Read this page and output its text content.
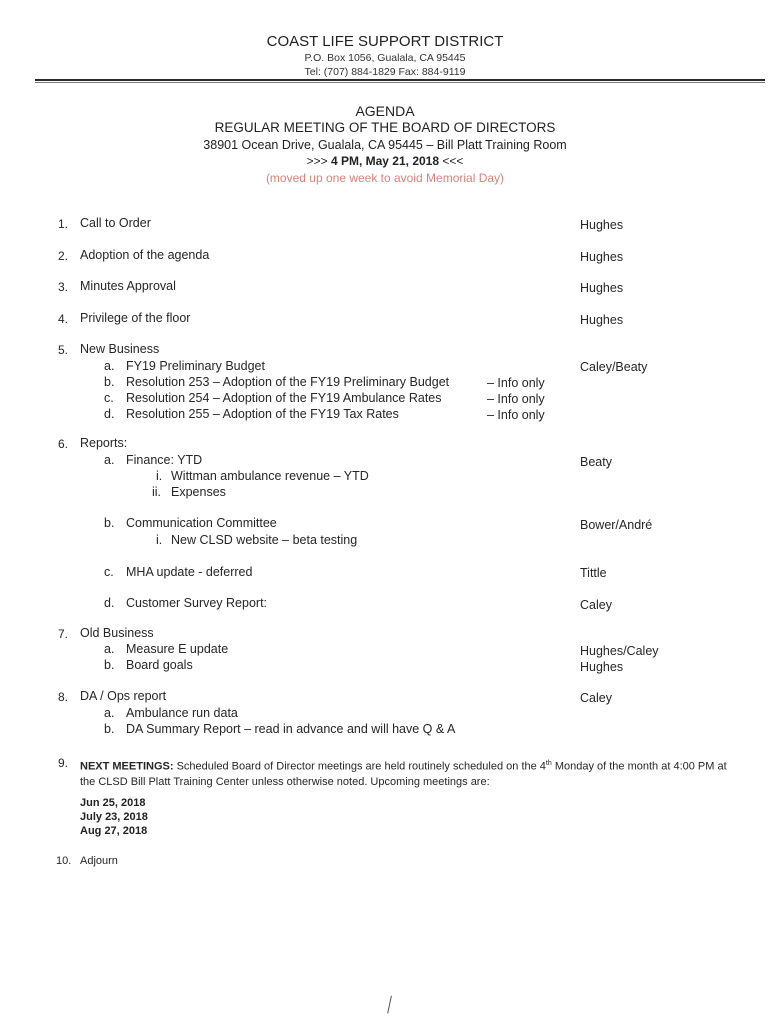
COAST LIFE SUPPORT DISTRICT
P.O. Box 1056, Gualala, CA 95445
Tel: (707) 884-1829 Fax: 884-9119
AGENDA
REGULAR MEETING OF THE BOARD OF DIRECTORS
38901 Ocean Drive, Gualala, CA 95445 – Bill Platt Training Room
>>> 4 PM, May 21, 2018 <<<
(moved up one week to avoid Memorial Day)
1. Call to Order	Hughes
2. Adoption of the agenda	Hughes
3. Minutes Approval	Hughes
4. Privilege of the floor	Hughes
5. New Business
a. FY19 Preliminary Budget	Caley/Beaty
b. Resolution 253 – Adoption of the FY19 Preliminary Budget	– Info only
c. Resolution 254 – Adoption of the FY19 Ambulance Rates	– Info only
d. Resolution 255 – Adoption of the FY19 Tax Rates	– Info only
6. Reports:
a. Finance: YTD	Beaty
i. Wittman ambulance revenue – YTD
ii. Expenses
b. Communication Committee	Bower/André
i. New CLSD website – beta testing
c. MHA update - deferred	Tittle
d. Customer Survey Report:	Caley
7. Old Business
a. Measure E update	Hughes/Caley
b. Board goals	Hughes
8. DA / Ops report	Caley
a. Ambulance run data
b. DA Summary Report – read in advance and will have Q & A
9. NEXT MEETINGS: Scheduled Board of Director meetings are held routinely scheduled on the 4th Monday of the month at 4:00 PM at the CLSD Bill Platt Training Center unless otherwise noted. Upcoming meetings are:
Jun 25, 2018
July 23, 2018
Aug 27, 2018
10. Adjourn
